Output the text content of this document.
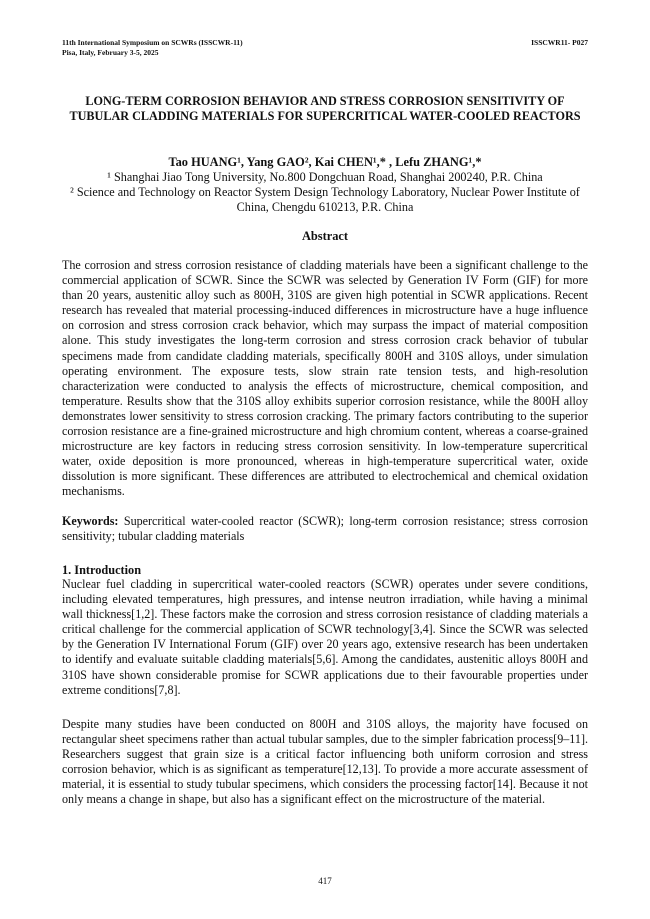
11th International Symposium on SCWRs (ISSCWR-11)
Pisa, Italy, February 3-5, 2025
ISSCWR11- P027
LONG-TERM CORROSION BEHAVIOR AND STRESS CORROSION SENSITIVITY OF TUBULAR CLADDING MATERIALS FOR SUPERCRITICAL WATER-COOLED REACTORS
Tao HUANG¹, Yang GAO², Kai CHEN¹,* , Lefu ZHANG¹,*
¹ Shanghai Jiao Tong University, No.800 Dongchuan Road, Shanghai 200240, P.R. China
² Science and Technology on Reactor System Design Technology Laboratory, Nuclear Power Institute of China, Chengdu 610213, P.R. China
Abstract
The corrosion and stress corrosion resistance of cladding materials have been a significant challenge to the commercial application of SCWR. Since the SCWR was selected by Generation IV Form (GIF) for more than 20 years, austenitic alloy such as 800H, 310S are given high potential in SCWR applications. Recent research has revealed that material processing-induced differences in microstructure have a huge influence on corrosion and stress corrosion crack behavior, which may surpass the impact of material composition alone. This study investigates the long-term corrosion and stress corrosion crack behavior of tubular specimens made from candidate cladding materials, specifically 800H and 310S alloys, under simulation operating environment. The exposure tests, slow strain rate tension tests, and high-resolution characterization were conducted to analysis the effects of microstructure, chemical composition, and temperature. Results show that the 310S alloy exhibits superior corrosion resistance, while the 800H alloy demonstrates lower sensitivity to stress corrosion cracking. The primary factors contributing to the superior corrosion resistance are a fine-grained microstructure and high chromium content, whereas a coarse-grained microstructure are key factors in reducing stress corrosion sensitivity. In low-temperature supercritical water, oxide deposition is more pronounced, whereas in high-temperature supercritical water, oxide dissolution is more significant. These differences are attributed to electrochemical and chemical oxidation mechanisms.
Keywords: Supercritical water-cooled reactor (SCWR); long-term corrosion resistance; stress corrosion sensitivity; tubular cladding materials
1. Introduction
Nuclear fuel cladding in supercritical water-cooled reactors (SCWR) operates under severe conditions, including elevated temperatures, high pressures, and intense neutron irradiation, while having a minimal wall thickness[1,2]. These factors make the corrosion and stress corrosion resistance of cladding materials a critical challenge for the commercial application of SCWR technology[3,4]. Since the SCWR was selected by the Generation IV International Forum (GIF) over 20 years ago, extensive research has been undertaken to identify and evaluate suitable cladding materials[5,6]. Among the candidates, austenitic alloys 800H and 310S have shown considerable promise for SCWR applications due to their favourable properties under extreme conditions[7,8].
Despite many studies have been conducted on 800H and 310S alloys, the majority have focused on rectangular sheet specimens rather than actual tubular samples, due to the simpler fabrication process[9–11]. Researchers suggest that grain size is a critical factor influencing both uniform corrosion and stress corrosion behavior, which is as significant as temperature[12,13]. To provide a more accurate assessment of material, it is essential to study tubular specimens, which considers the processing factor[14]. Because it not only means a change in shape, but also has a significant effect on the microstructure of the material.
417
